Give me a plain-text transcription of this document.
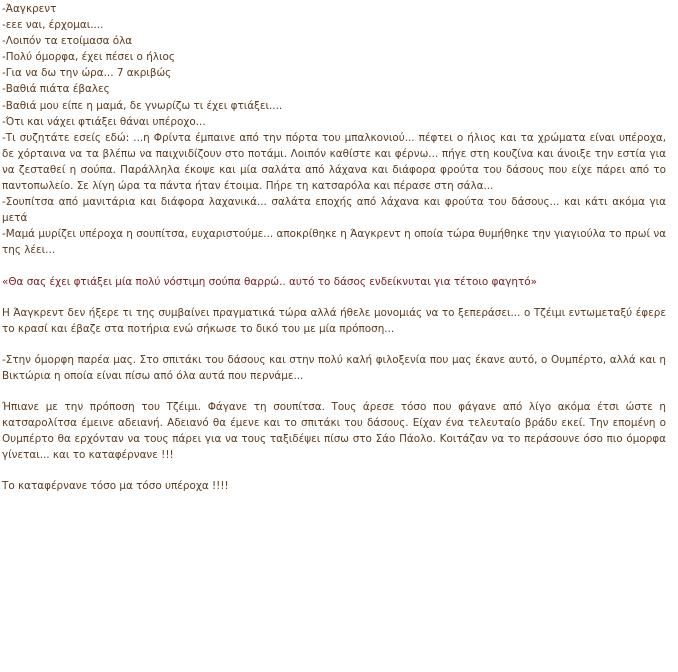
-Άαγκρεντ
-εεε ναι, έρχομαι....
-Λοιπόν τα ετοίμασα όλα
-Πολύ όμορφα, έχει πέσει ο ήλιος
-Για να δω την ώρα... 7 ακριβώς
-Βαθιά πιάτα έβαλες
-Βαθιά μου είπε η μαμά, δε γνωρίζω τι έχει φτιάξει....
-Ότι και νάχει φτιάξει θάναι υπέροχο...
-Τι συζητάτε εσείς εδώ: ...η Φρίντα έμπαινε από την πόρτα του μπαλκονιού... πέφτει ο ήλιος και τα χρώματα είναι υπέροχα, δε χόρταινα να τα βλέπω να παιχνιδίζουν στο ποτάμι. Λοιπόν καθίστε και φέρνω... πήγε στη κουζίνα και άνοιξε την εστία για να ζεσταθεί η σούπα. Παράλληλα έκοψε και μία σαλάτα από λάχανα και διάφορα φρούτα του δάσους που είχε πάρει από το παντοπωλείο. Σε λίγη ώρα τα πάντα ήταν έτοιμα. Πήρε τη κατσαρόλα και πέρασε στη σάλα...
-Σουπίτσα από μανιτάρια και διάφορα λαχανικά... σαλάτα εποχής από λάχανα και φρούτα του δάσους... και κάτι ακόμα για μετά
-Μαμά μυρίζει υπέροχα η σουπίτσα, ευχαριστούμε... αποκρίθηκε η Άαγκρεντ η οποία τώρα θυμήθηκε την γιαγιούλα το πρωί να της λέει...
«Θα σας έχει φτιάξει μία πολύ νόστιμη σούπα θαρρώ.. αυτό το δάσος ενδείκνυται για τέτοιο φαγητό»
Η Άαγκρεντ δεν ήξερε τι της συμβαίνει πραγματικά τώρα αλλά ήθελε μονομιάς να το ξεπεράσει... ο Τζέιμι εντωμεταξύ έφερε το κρασί και έβαζε στα ποτήρια ενώ σήκωσε το δικό του με μία πρόποση...
-Στην όμορφη παρέα μας. Στο σπιτάκι του δάσους και στην πολύ καλή φιλοξενία που μας έκανε αυτό, ο Ουμπέρτο, αλλά και η Βικτώρια η οποία είναι πίσω από όλα αυτά που περνάμε...
Ήπιανε με την πρόποση του Τζέιμι. Φάγανε τη σουπίτσα. Τους άρεσε τόσο που φάγανε από λίγο ακόμα έτσι ώστε η κατσαρολίτσα έμεινε αδειανή. Αδειανό θα έμενε και το σπιτάκι του δάσους. Είχαν ένα τελευταίο βράδυ εκεί. Την επομένη ο Ουμπέρτο θα ερχόνταν να τους πάρει για να τους ταξιδέψει πίσω στο Σάο Πάολο. Κοιτάζαν να το περάσουνε όσο πιο όμορφα γίνεται... και το καταφέρνανε !!!
Το καταφέρνανε τόσο μα τόσο υπέροχα !!!!
